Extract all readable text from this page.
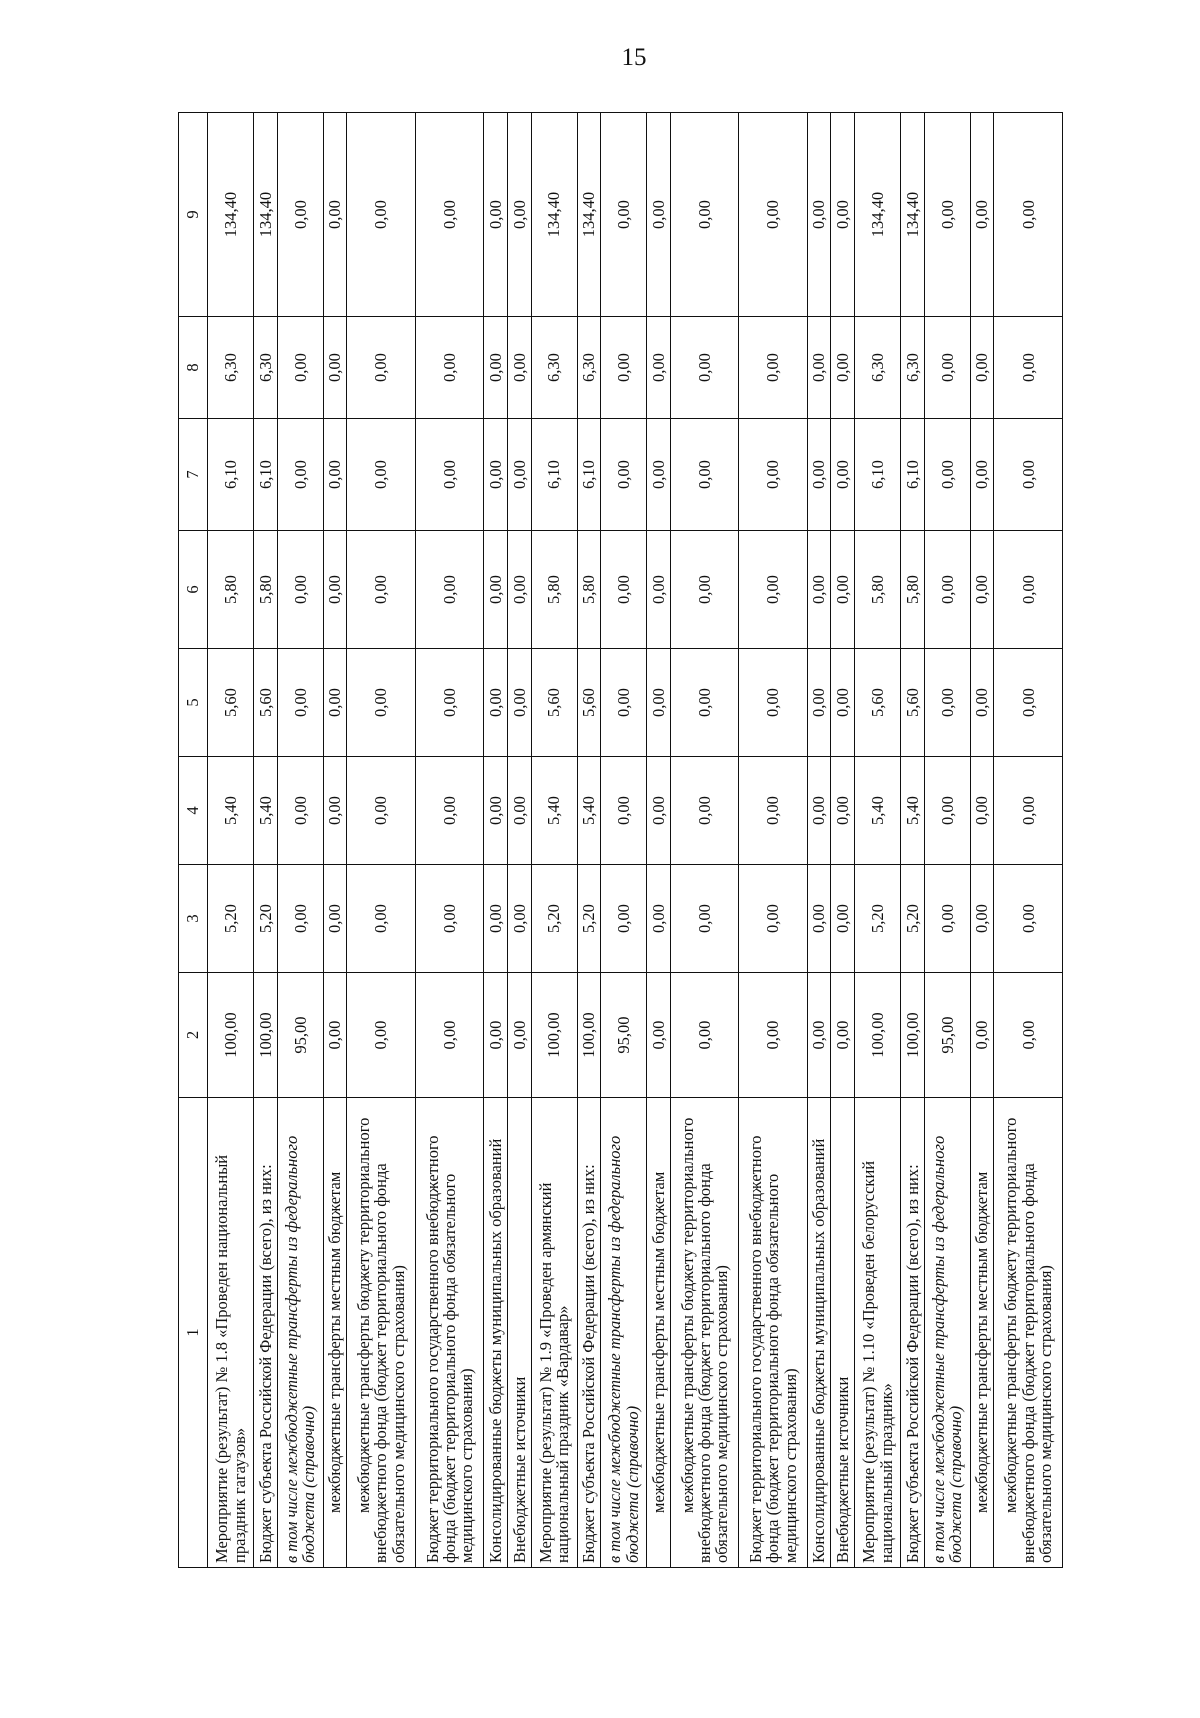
15
1	2	3	4	5	6	7	8	9
Мероприятие (результат) № 1.8 «Проведен национальный праздник гагаузов»	100,00	5,20	5,40	5,60	5,80	6,10	6,30	134,40
Бюджет субъекта Российской Федерации (всего), из них:	100,00	5,20	5,40	5,60	5,80	6,10	6,30	134,40
в том числе межбюджетные трансферты из федерального бюджета (справочно)	95,00	0,00	0,00	0,00	0,00	0,00	0,00	0,00
межбюджетные трансферты местным бюджетам	0,00	0,00	0,00	0,00	0,00	0,00	0,00	0,00
межбюджетные трансферты бюджету территориального внебюджетного фонда (бюджет территориального фонда обязательного медицинского страхования)	0,00	0,00	0,00	0,00	0,00	0,00	0,00	0,00
Бюджет территориального государственного внебюджетного фонда (бюджет территориального фонда обязательного медицинского страхования)	0,00	0,00	0,00	0,00	0,00	0,00	0,00	0,00
Консолидированные бюджеты муниципальных образований	0,00	0,00	0,00	0,00	0,00	0,00	0,00	0,00
Внебюджетные источники	0,00	0,00	0,00	0,00	0,00	0,00	0,00	0,00
Мероприятие (результат) № 1.9 «Проведен армянский национальный праздник «Вардавар»	100,00	5,20	5,40	5,60	5,80	6,10	6,30	134,40
Бюджет субъекта Российской Федерации (всего), из них:	100,00	5,20	5,40	5,60	5,80	6,10	6,30	134,40
в том числе межбюджетные трансферты из федерального бюджета (справочно)	95,00	0,00	0,00	0,00	0,00	0,00	0,00	0,00
межбюджетные трансферты местным бюджетам	0,00	0,00	0,00	0,00	0,00	0,00	0,00	0,00
межбюджетные трансферты бюджету территориального внебюджетного фонда (бюджет территориального фонда обязательного медицинского страхования)	0,00	0,00	0,00	0,00	0,00	0,00	0,00	0,00
Бюджет территориального государственного внебюджетного фонда (бюджет территориального фонда обязательного медицинского страхования)	0,00	0,00	0,00	0,00	0,00	0,00	0,00	0,00
Консолидированные бюджеты муниципальных образований	0,00	0,00	0,00	0,00	0,00	0,00	0,00	0,00
Внебюджетные источники	0,00	0,00	0,00	0,00	0,00	0,00	0,00	0,00
Мероприятие (результат) № 1.10 «Проведен белорусский национальный праздник»	100,00	5,20	5,40	5,60	5,80	6,10	6,30	134,40
Бюджет субъекта Российской Федерации (всего), из них:	100,00	5,20	5,40	5,60	5,80	6,10	6,30	134,40
в том числе межбюджетные трансферты из федерального бюджета (справочно)	95,00	0,00	0,00	0,00	0,00	0,00	0,00	0,00
межбюджетные трансферты местным бюджетам	0,00	0,00	0,00	0,00	0,00	0,00	0,00	0,00
межбюджетные трансферты бюджету территориального внебюджетного фонда (бюджет территориального фонда обязательного медицинского страхования)	0,00	0,00	0,00	0,00	0,00	0,00	0,00	0,00
